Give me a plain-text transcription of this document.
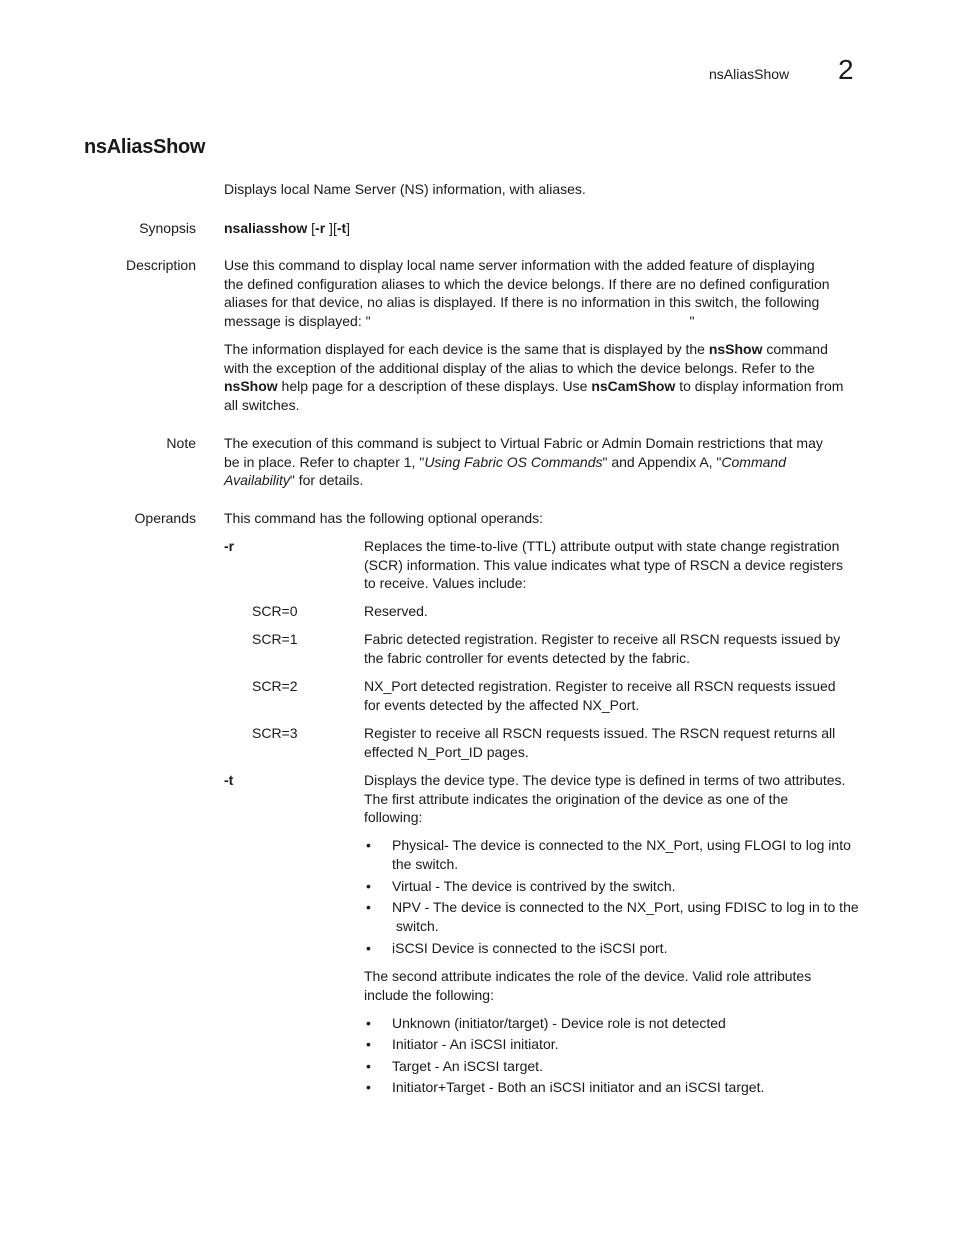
nsAliasShow 2
nsAliasShow
Displays local Name Server (NS) information, with aliases.
Synopsis nsaliasshow [-r ][-t]
Description Use this command to display local name server information with the added feature of displaying

the defined configuration aliases to which the device belongs. If there are no defined configuration

aliases for that device, no alias is displayed. If there is no information in this switch, the following

message is displayed: "                                                                                  "

The information displayed for each device is the same that is displayed by the nsShow command

with the exception of the additional display of the alias to which the device belongs. Refer to the

nsShow help page for a description of these displays. Use nsCamShow to display information from

all switches.

Note The execution of this command is subject to Virtual Fabric or Admin Domain restrictions that may

be in place. Refer to chapter 1, "Using Fabric OS Commands" and Appendix A, "Command

Availability" for details.

Operands This command has the following optional operands:
-r	Replaces the time-to-live (TTL) attribute output with state change registration

(SCR) information. This value indicates what type of RSCN a device registers

to receive. Values include:

SCR=0	Reserved.

SCR=1	Fabric detected registration. Register to receive all RSCN requests issued by

the fabric controller for events detected by the fabric.

SCR=2	NX_Port detected registration. Register to receive all RSCN requests issued

for events detected by the affected NX_Port.

SCR=3	Register to receive all RSCN requests issued. The RSCN request returns all

effected N_Port_ID pages.

-t	Displays the device type. The device type is defined in terms of two attributes.

The first attribute indicates the origination of the device as one of the

following:

• Physical- The device is connected to the NX_Port, using FLOGI to log into

the switch.

• Virtual - The device is contrived by the switch.

• NPV - The device is connected to the NX_Port, using FDISC to log in to the

switch.

• iSCSI Device is connected to the iSCSI port.

The second attribute indicates the role of the device. Valid role attributes

include the following:

• Unknown (initiator/target) - Device role is not detected
• Initiator - An iSCSI initiator.
• Target - An iSCSI target.
• Initiator+Target - Both an iSCSI initiator and an iSCSI target.
